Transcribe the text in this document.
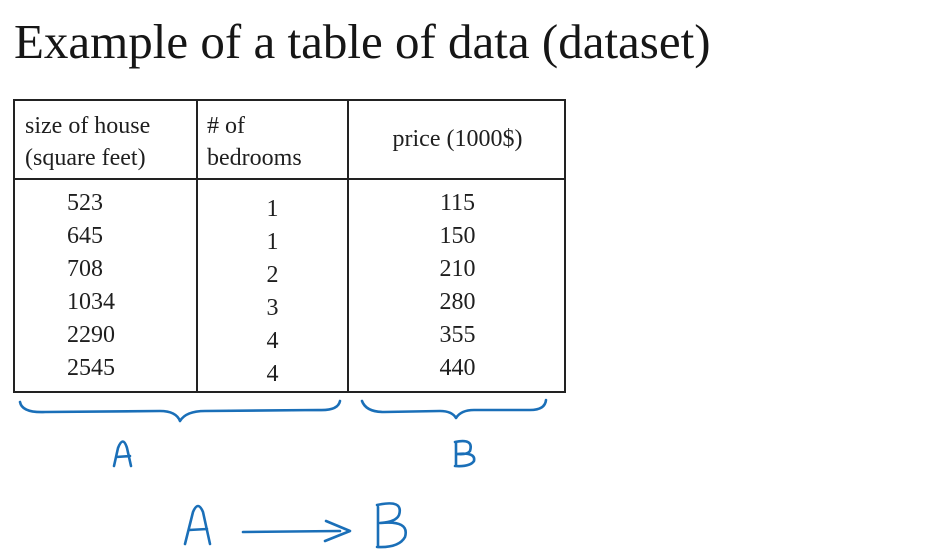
Example of a table of data (dataset)
size of house
(square feet)
# of
bedrooms
price (1000$)
523
645
708
1034
2290
2545
1
1
2
3
4
4
115
150
210
280
355
440
